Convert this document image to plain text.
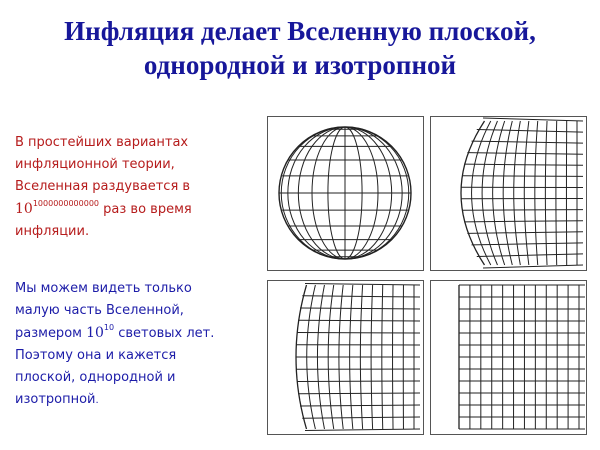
Инфляция делает Вселенную плоской,
однородной и изотропной
В простейших вариантах
инфляционной теории,
Вселенная раздувается в
$10^{1000000000000}$ раз во время
инфляции.
Мы можем видеть только
малую часть Вселенной,
размером $10^{10}$ световых лет.
Поэтому она и кажется
плоской, однородной и
изотропной.
